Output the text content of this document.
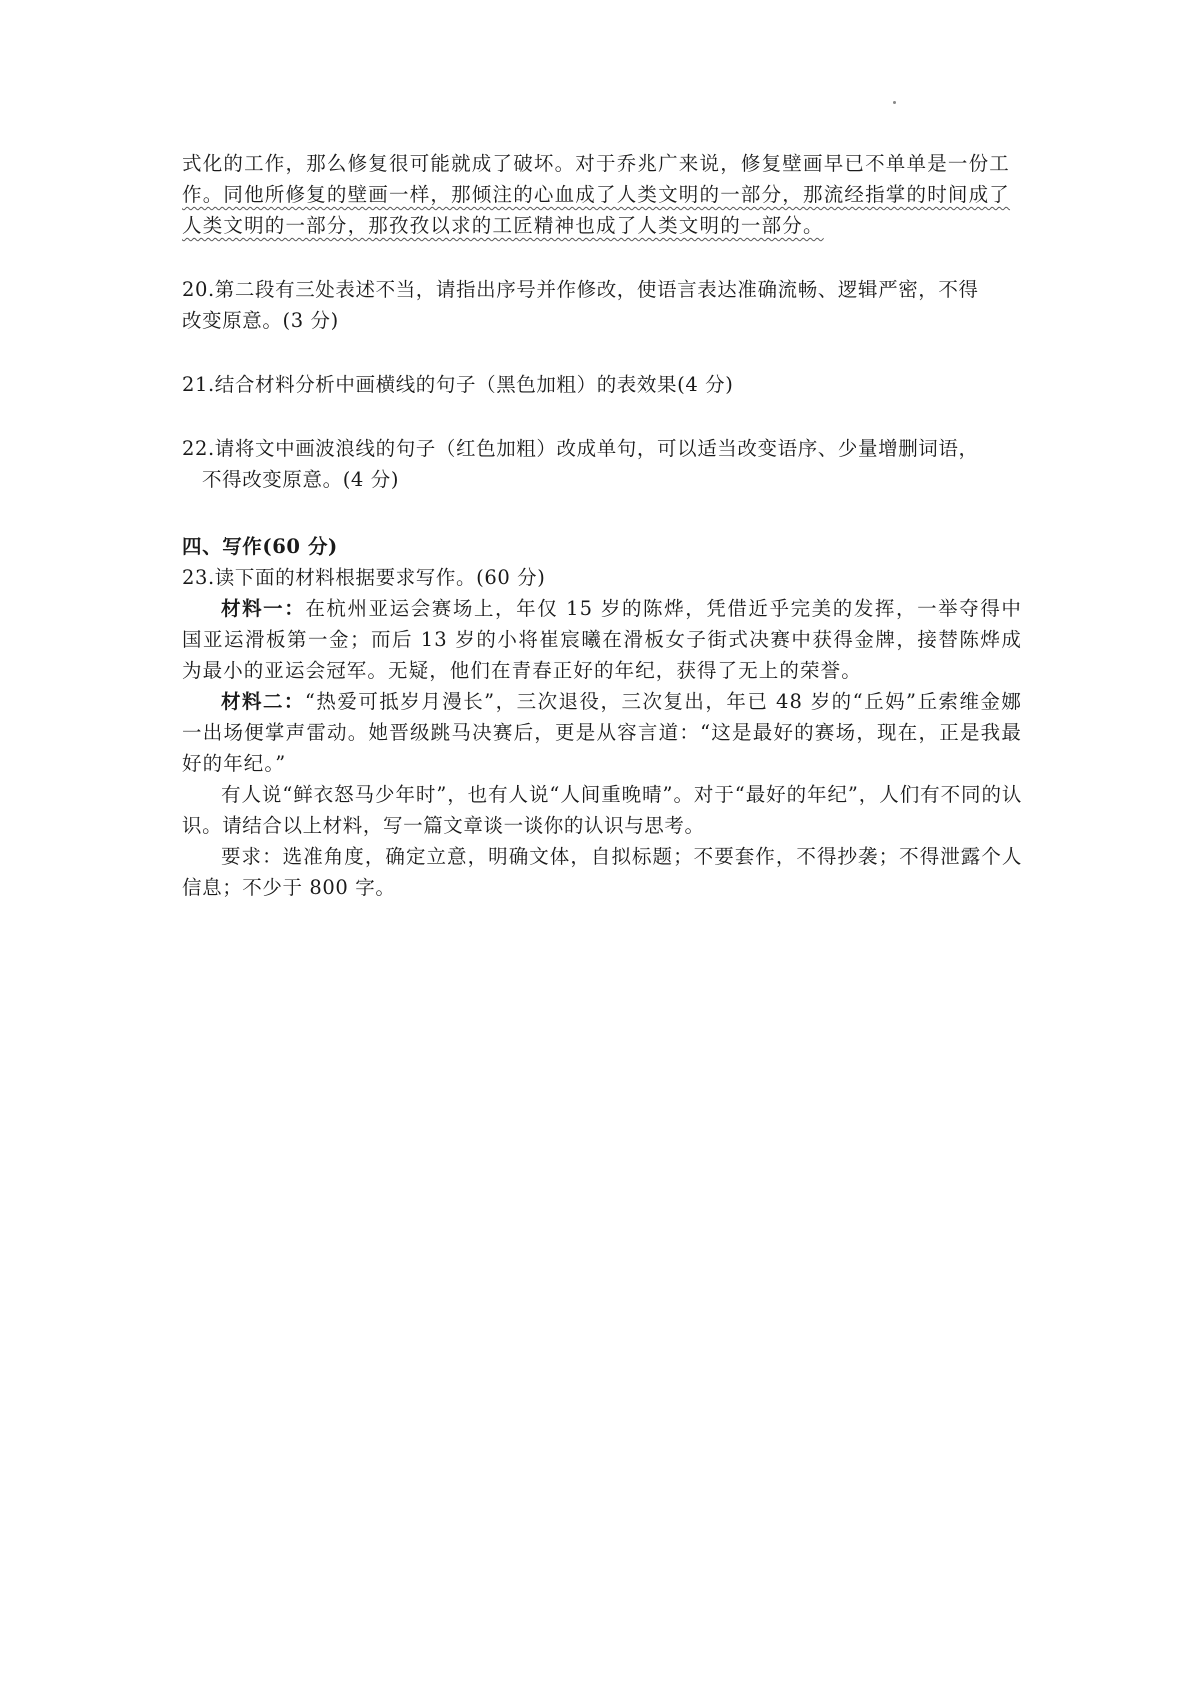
式化的工作，那么修复很可能就成了破坏。对于乔兆广来说，修复壁画早已不单单是一份工
作。同他所修复的壁画一样，那倾注的心血成了人类文明的一部分，那流经指掌的时间成了
人类文明的一部分，那孜孜以求的工匠精神也成了人类文明的一部分。
20.第二段有三处表述不当，请指出序号并作修改，使语言表达准确流畅、逻辑严密，不得
改变原意。(3 分)
21.结合材料分析中画横线的句子（黑色加粗）的表效果(4 分)
22.请将文中画波浪线的句子（红色加粗）改成单句，可以适当改变语序、少量增删词语，
不得改变原意。(4 分)
四、写作(60 分)
23.读下面的材料根据要求写作。(60 分)
材料一：在杭州亚运会赛场上，年仅 15 岁的陈烨，凭借近乎完美的发挥，一举夺得中国亚运滑板第一金；而后 13 岁的小将崔宸曦在滑板女子街式决赛中获得金牌，接替陈烨成为最小的亚运会冠军。无疑，他们在青春正好的年纪，获得了无上的荣誉。
材料二：“热爱可抵岁月漫长”，三次退役，三次复出，年已 48 岁的“丘妈”丘索维金娜一出场便掌声雷动。她晋级跳马决赛后，更是从容言道：“这是最好的赛场，现在，正是我最好的年纪。”
有人说“鲜衣怒马少年时”，也有人说“人间重晚晴”。对于“最好的年纪”，人们有不同的认识。请结合以上材料，写一篇文章谈一谈你的认识与思考。
要求：选准角度，确定立意，明确文体，自拟标题；不要套作，不得抄袭；不得泄露个人信息；不少于 800 字。
